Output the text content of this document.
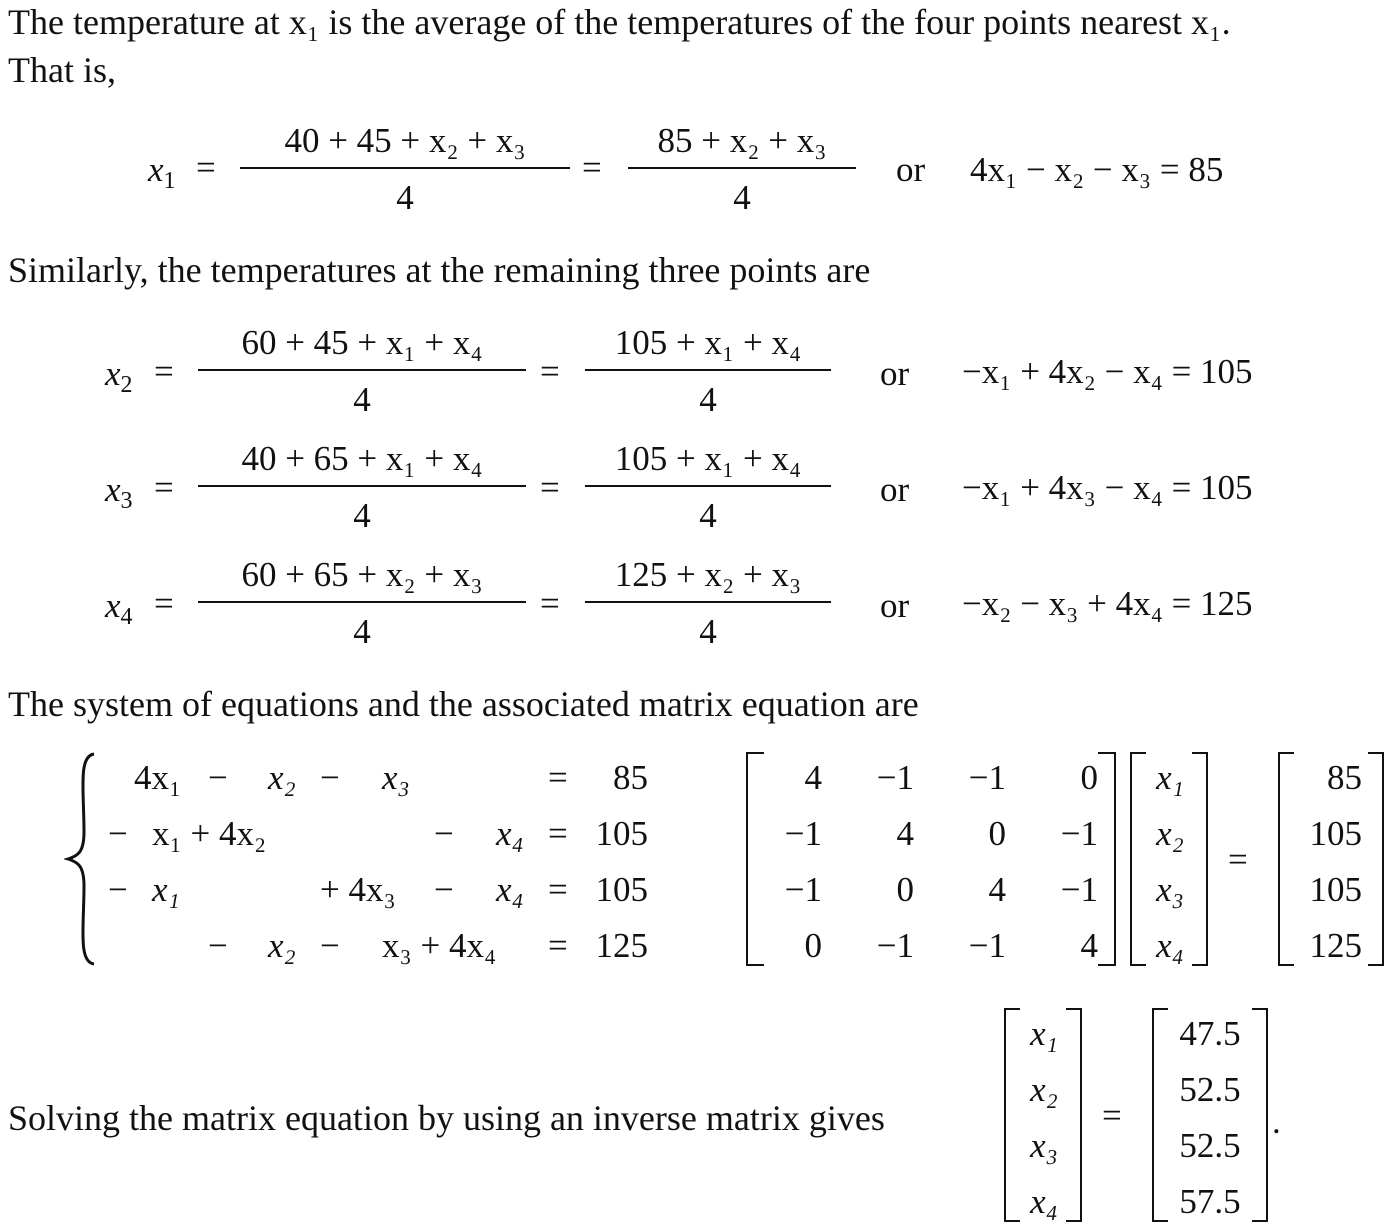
The temperature at x₁ is the average of the temperatures of the four points nearest x₁.
That is,
$x_1$ =
40 + 45 + x₂ + x₃
4
=
85 + x₂ + x₃
4
or 4x₁ − x₂ − x₃ = 85
Similarly, the temperatures at the remaining three points are
$x_2$ =
60 + 45 + x₁ + x₄
4
=
105 + x₁ + x₄
4
or −x₁ + 4x₂ − x₄ = 105
$x_3$ =
40 + 65 + x₁ + x₄
4
=
105 + x₁ + x₄
4
or −x₁ + 4x₃ − x₄ = 105
$x_4$ =
60 + 65 + x₂ + x₃
4
=
125 + x₂ + x₃
4
or −x₂ − x₃ + 4x₄ = 125
The system of equations and the associated matrix equation are
4x₁ − x₂ − x₃	= 85
− x₁ + 4x₂	− x₄ = 105
− x₁	+ 4x₃ − x₄ = 105
− x₂ − x₃ + 4x₄ = 125
4 −1 −1 0
−1 4 0 −1
−1 0 4 −1
0 −1 −1 4
x₁
x₂
x₃
x₄
=
85
105
105
125
Solving the matrix equation by using an inverse matrix gives
x₁
x₂
x₃
x₄
=
47.5
52.5
52.5
57.5
.
